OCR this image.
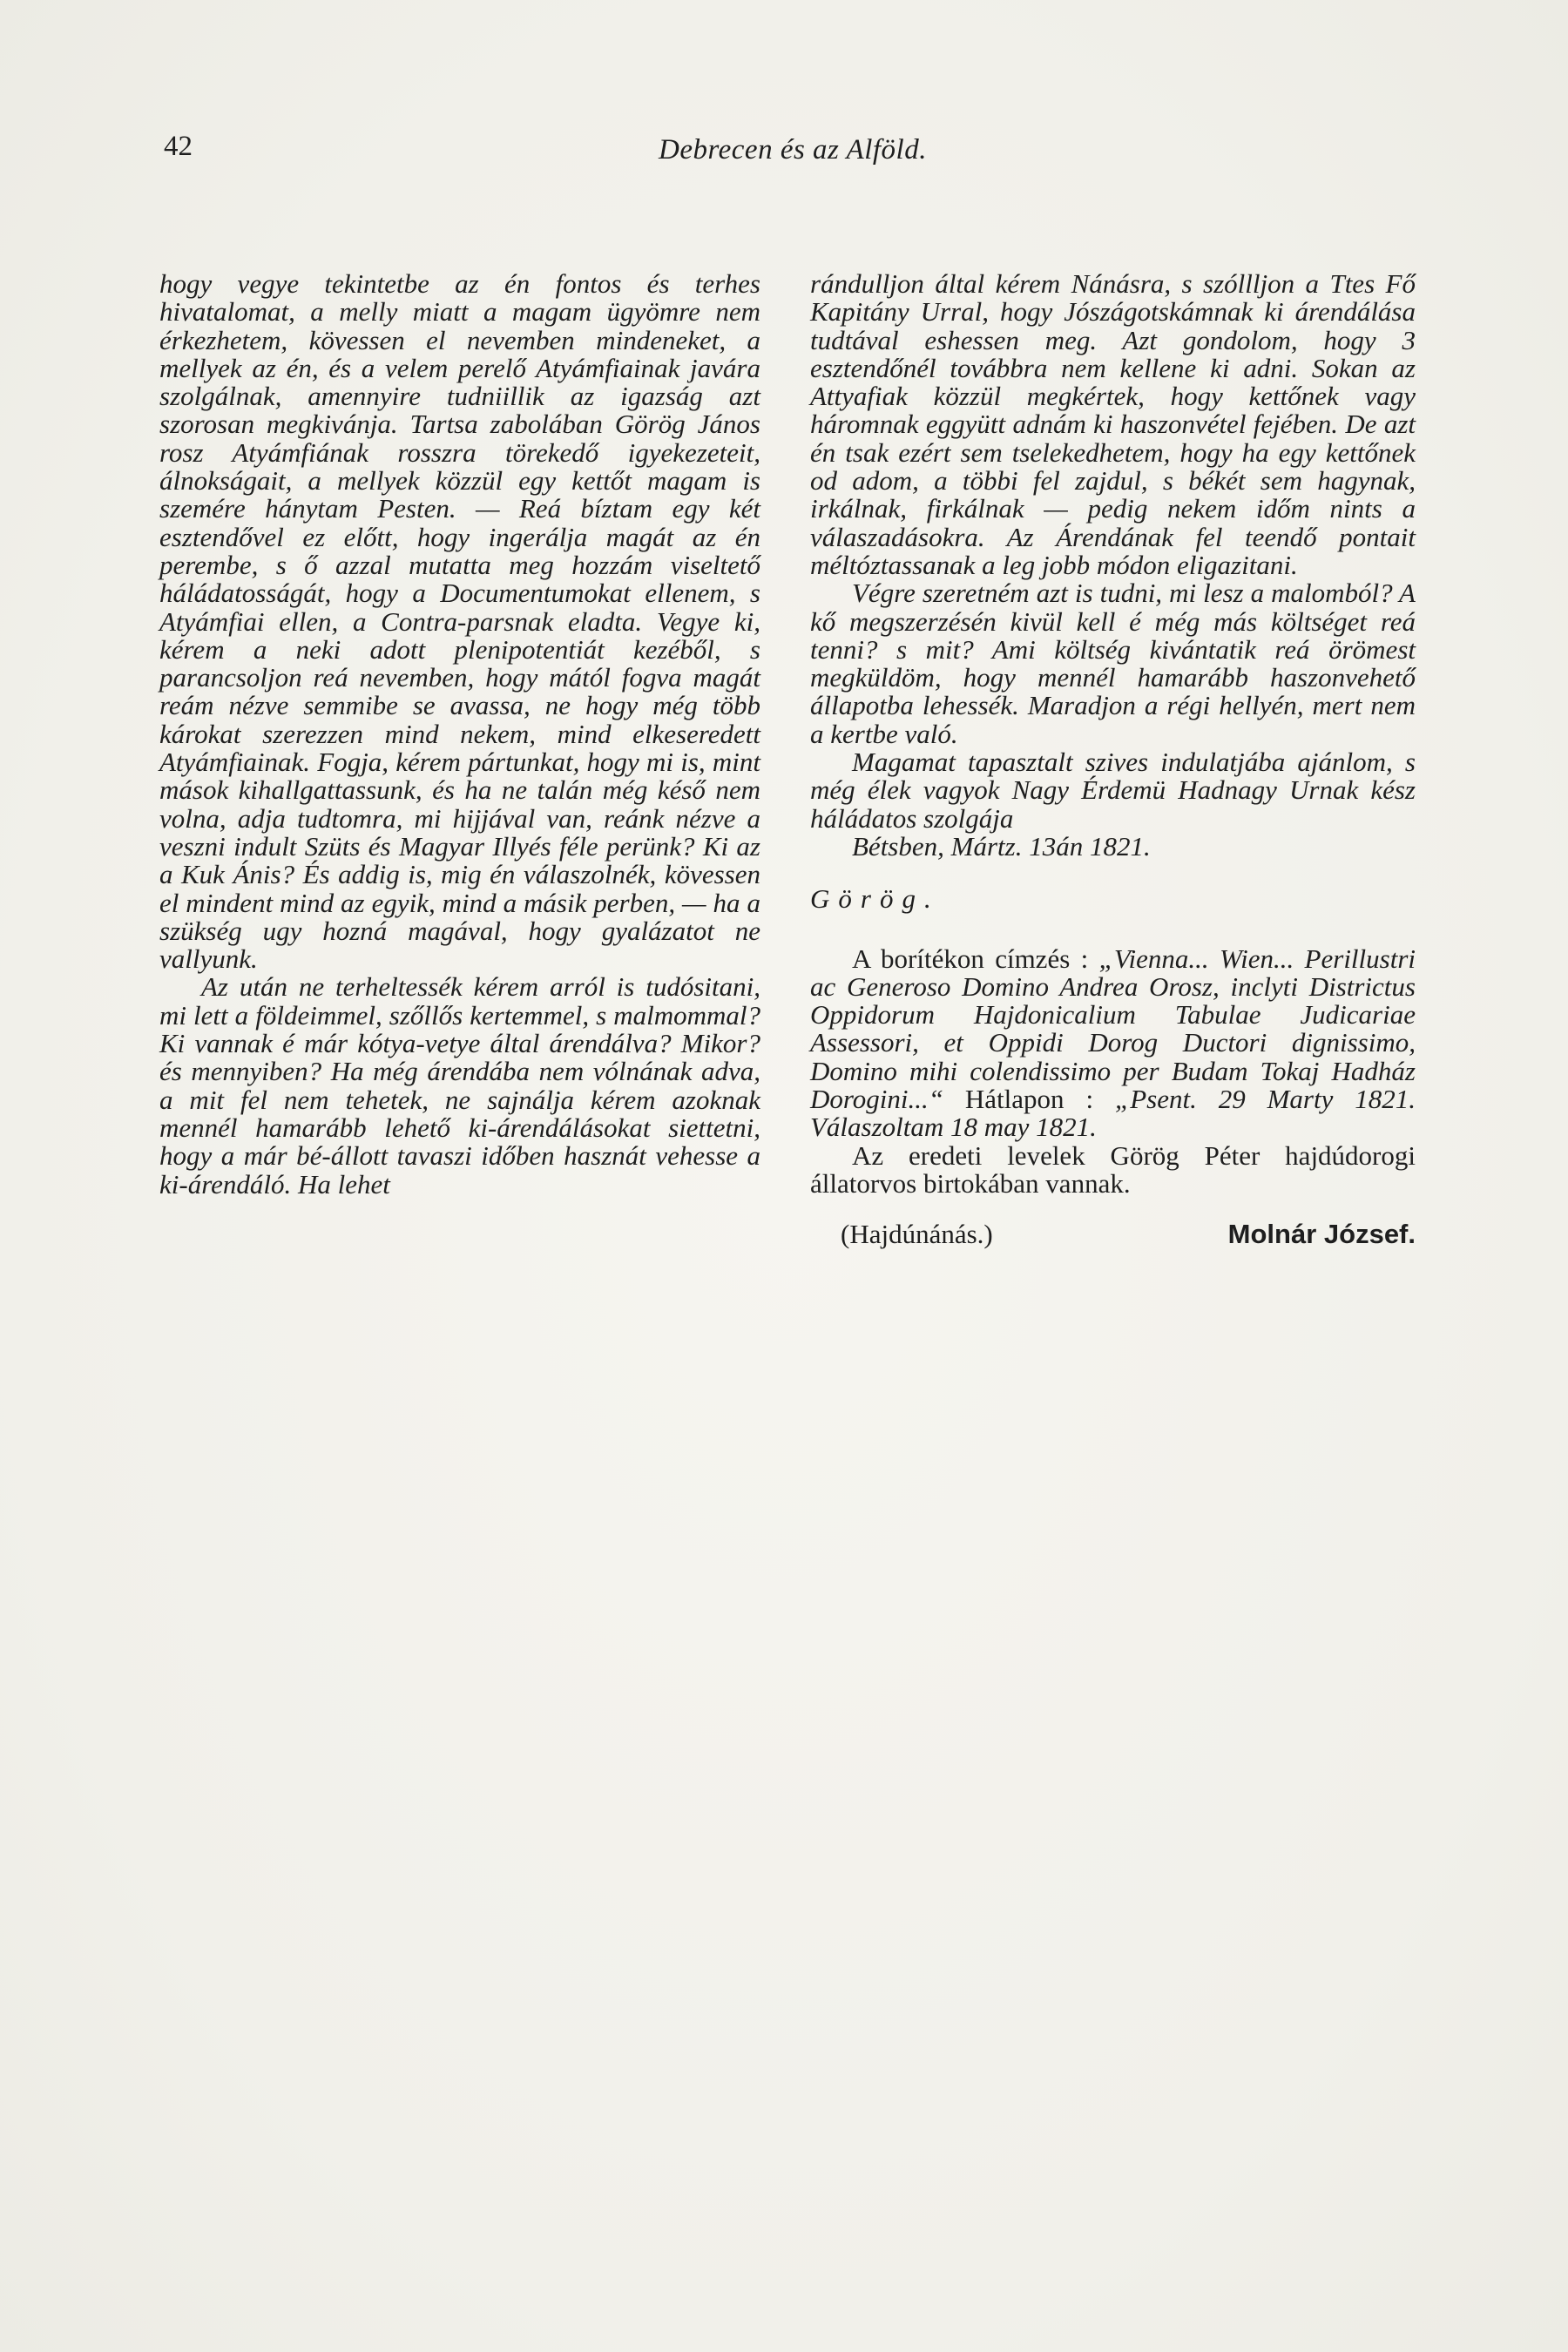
42	Debrecen és az Alföld.

hogy vegye tekintetbe az én fontos és terhes hivatalomat, a melly miatt a magam ügyömre nem érkezhetem, kövessen el nevemben mindeneket, a mellyek az én, és a velem perelő Atyámfiainak javára szolgálnak, amennyire tudniillik az igazság azt szorosan megkivánja. Tartsa zabolában Görög János rosz Atyámfiának rosszra törekedő igyekezeteit, álnokságait, a mellyek közzül egy kettőt magam is szemére hánytam Pesten. — Reá bíztam egy két esztendővel ez előtt, hogy ingerálja magát az én perembe, s ő azzal mutatta meg hozzám viseltető háládatosságát, hogy a Documentumokat ellenem, s Atyámfiai ellen, a Contra-parsnak eladta. Vegye ki, kérem a neki adott plenipotentiát kezéből, s parancsoljon reá nevemben, hogy mától fogva magát reám nézve semmibe se avassa, ne hogy még több károkat szerezzen mind nekem, mind elkeseredett Atyámfiainak. Fogja, kérem pártunkat, hogy mi is, mint mások kihallgattassunk, és ha ne talán még késő nem volna, adja tudtomra, mi hijjával van, reánk nézve a veszni indult Szüts és Magyar Illyés féle perünk? Ki az a Kuk Ánis? És addig is, mig én válaszolnék, kövessen el mindent mind az egyik, mind a másik perben, — ha a szükség ugy hozná magával, hogy gyalázatot ne vallyunk.

Az után ne terheltessék kérem arról is tudósitani, mi lett a földeimmel, szőllős kertemmel, s malmommal? Ki vannak é már kótya-vetye által árendálva? Mikor? és mennyiben? Ha még árendába nem vólnának adva, a mit fel nem tehetek, ne sajnálja kérem azoknak mennél hamarább lehető ki-árendálásokat siettetni, hogy a már bé-állott tavaszi időben hasznát vehesse a ki-árendáló. Ha lehet

rándulljon által kérem Nánásra, s szóllljon a Ttes Fő Kapitány Urral, hogy Jószágotskámnak ki árendálása tudtával eshessen meg. Azt gondolom, hogy 3 esztendőnél továbbra nem kellene ki adni. Sokan az Attyafiak közzül megkértek, hogy kettőnek vagy háromnak eggyütt adnám ki haszonvétel fejében. De azt én tsak ezért sem tselekedhetem, hogy ha egy kettőnek od adom, a többi fel zajdul, s békét sem hagynak, irkálnak, firkálnak — pedig nekem időm nints a válaszadásokra. Az Árendának fel teendő pontait méltóztassanak a leg jobb módon eligazitani.

Végre szeretném azt is tudni, mi lesz a malomból? A kő megszerzésén kivül kell é még más költséget reá tenni? s mit? Ami költség kivántatik reá örömest megküldöm, hogy mennél hamarább haszonvehető állapotba lehessék. Maradjon a régi hellyén, mert nem a kertbe való.

Magamat tapasztalt szives indulatjába ajánlom, s még élek vagyok Nagy Érdemü Hadnagy Urnak kész háládatos szolgája

Bétsben, Mártz. 13án 1821.

Görög.

A borítékon címzés : „Vienna... Wien... Perillustri ac Generoso Domino Andrea Orosz, inclyti Districtus Oppidorum Hajdonicalium Tabulae Judicariae Assessori, et Oppidi Dorog Ductori dignissimo, Domino mihi colendissimo per Budam Tokaj Hadház Dorogini...“ Hátlapon : „Psent. 29 Marty 1821. Válaszoltam 18 may 1821.

Az eredeti levelek Görög Péter hajdúdorogi állatorvos birtokában vannak.

(Hajdúnánás.)	Molnár József.
